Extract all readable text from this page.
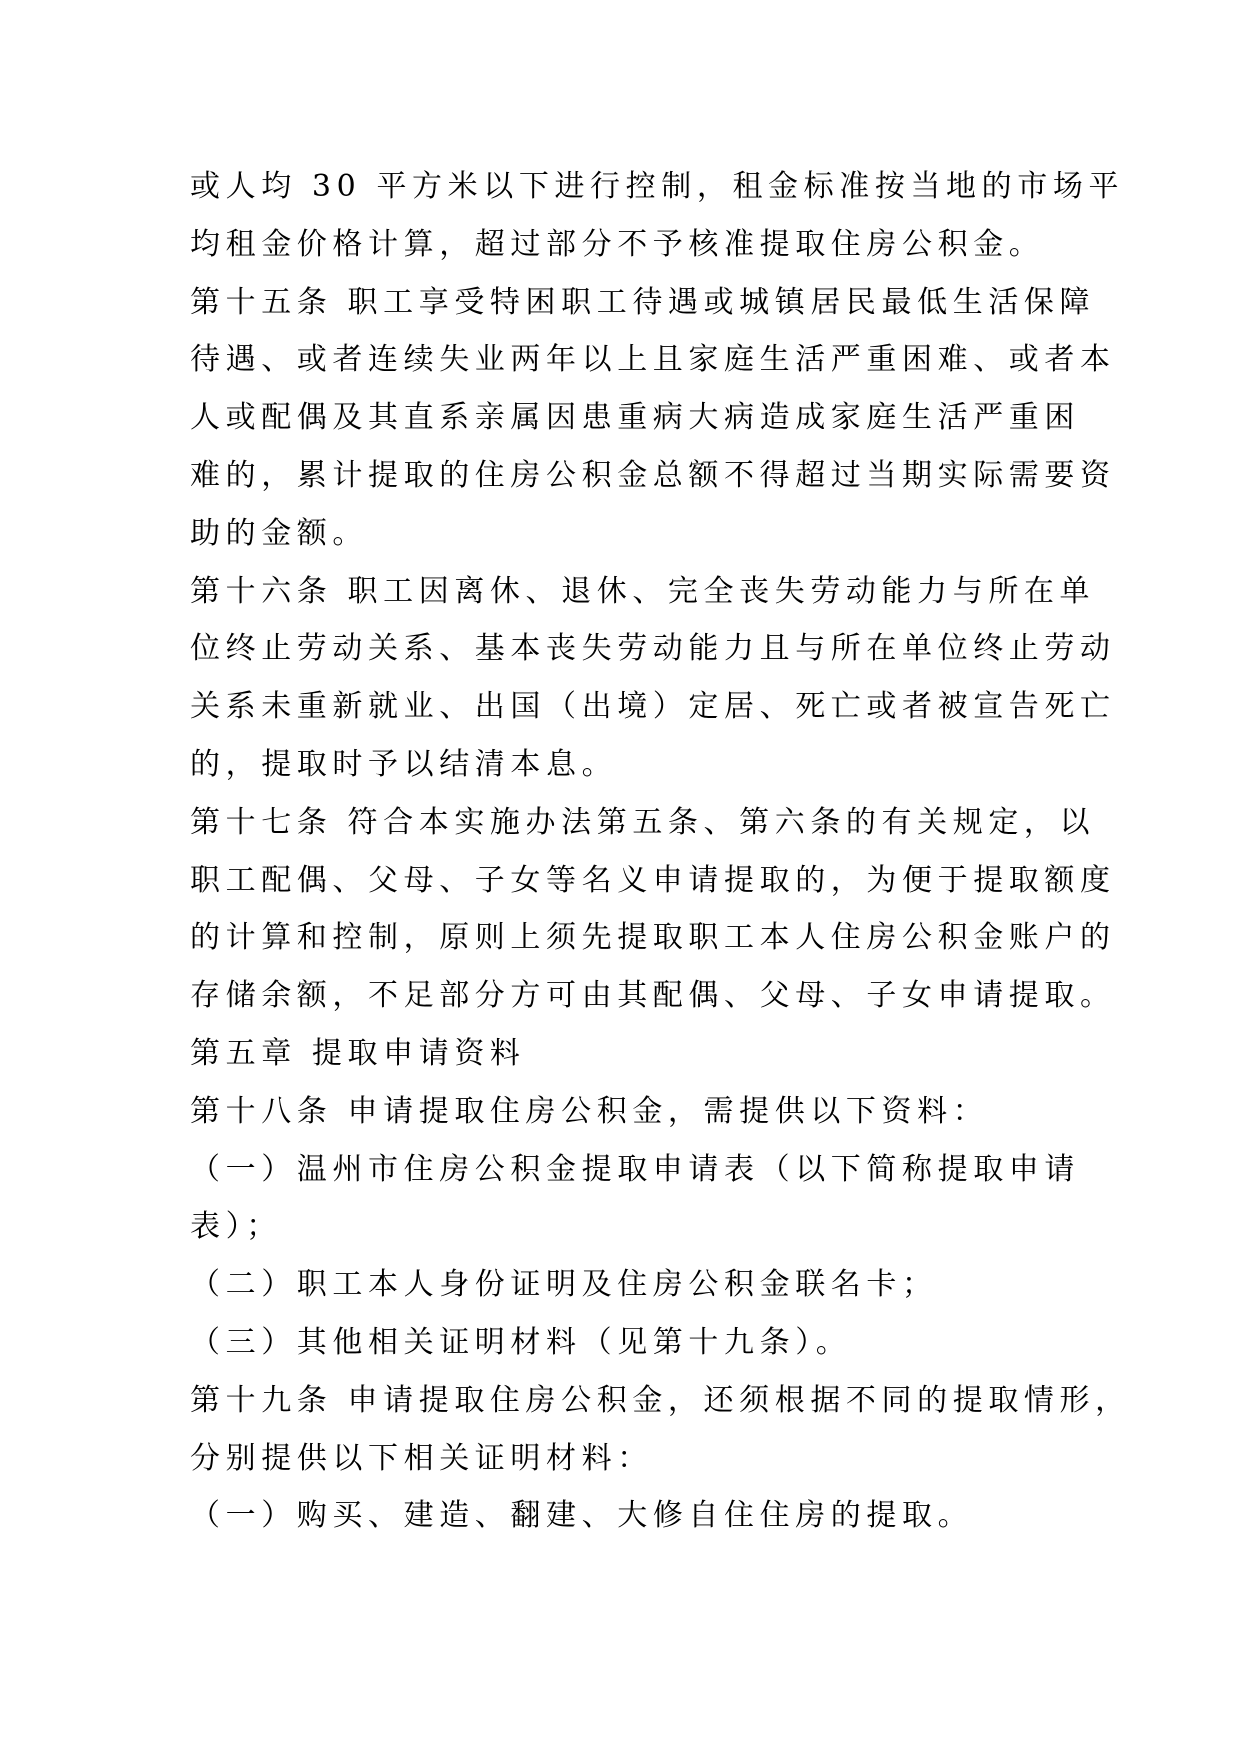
或人均 30 平方米以下进行控制，租金标准按当地的市场平
均租金价格计算，超过部分不予核准提取住房公积金。
第十五条 职工享受特困职工待遇或城镇居民最低生活保障
待遇、或者连续失业两年以上且家庭生活严重困难、或者本
人或配偶及其直系亲属因患重病大病造成家庭生活严重困
难的，累计提取的住房公积金总额不得超过当期实际需要资
助的金额。
第十六条 职工因离休、退休、完全丧失劳动能力与所在单
位终止劳动关系、基本丧失劳动能力且与所在单位终止劳动
关系未重新就业、出国（出境）定居、死亡或者被宣告死亡
的，提取时予以结清本息。
第十七条 符合本实施办法第五条、第六条的有关规定，以
职工配偶、父母、子女等名义申请提取的，为便于提取额度
的计算和控制，原则上须先提取职工本人住房公积金账户的
存储余额，不足部分方可由其配偶、父母、子女申请提取。
第五章 提取申请资料
第十八条 申请提取住房公积金，需提供以下资料：
（一）温州市住房公积金提取申请表（以下简称提取申请
表）；
（二）职工本人身份证明及住房公积金联名卡；
（三）其他相关证明材料（见第十九条）。
第十九条 申请提取住房公积金，还须根据不同的提取情形，
分别提供以下相关证明材料：
（一）购买、建造、翻建、大修自住住房的提取。
